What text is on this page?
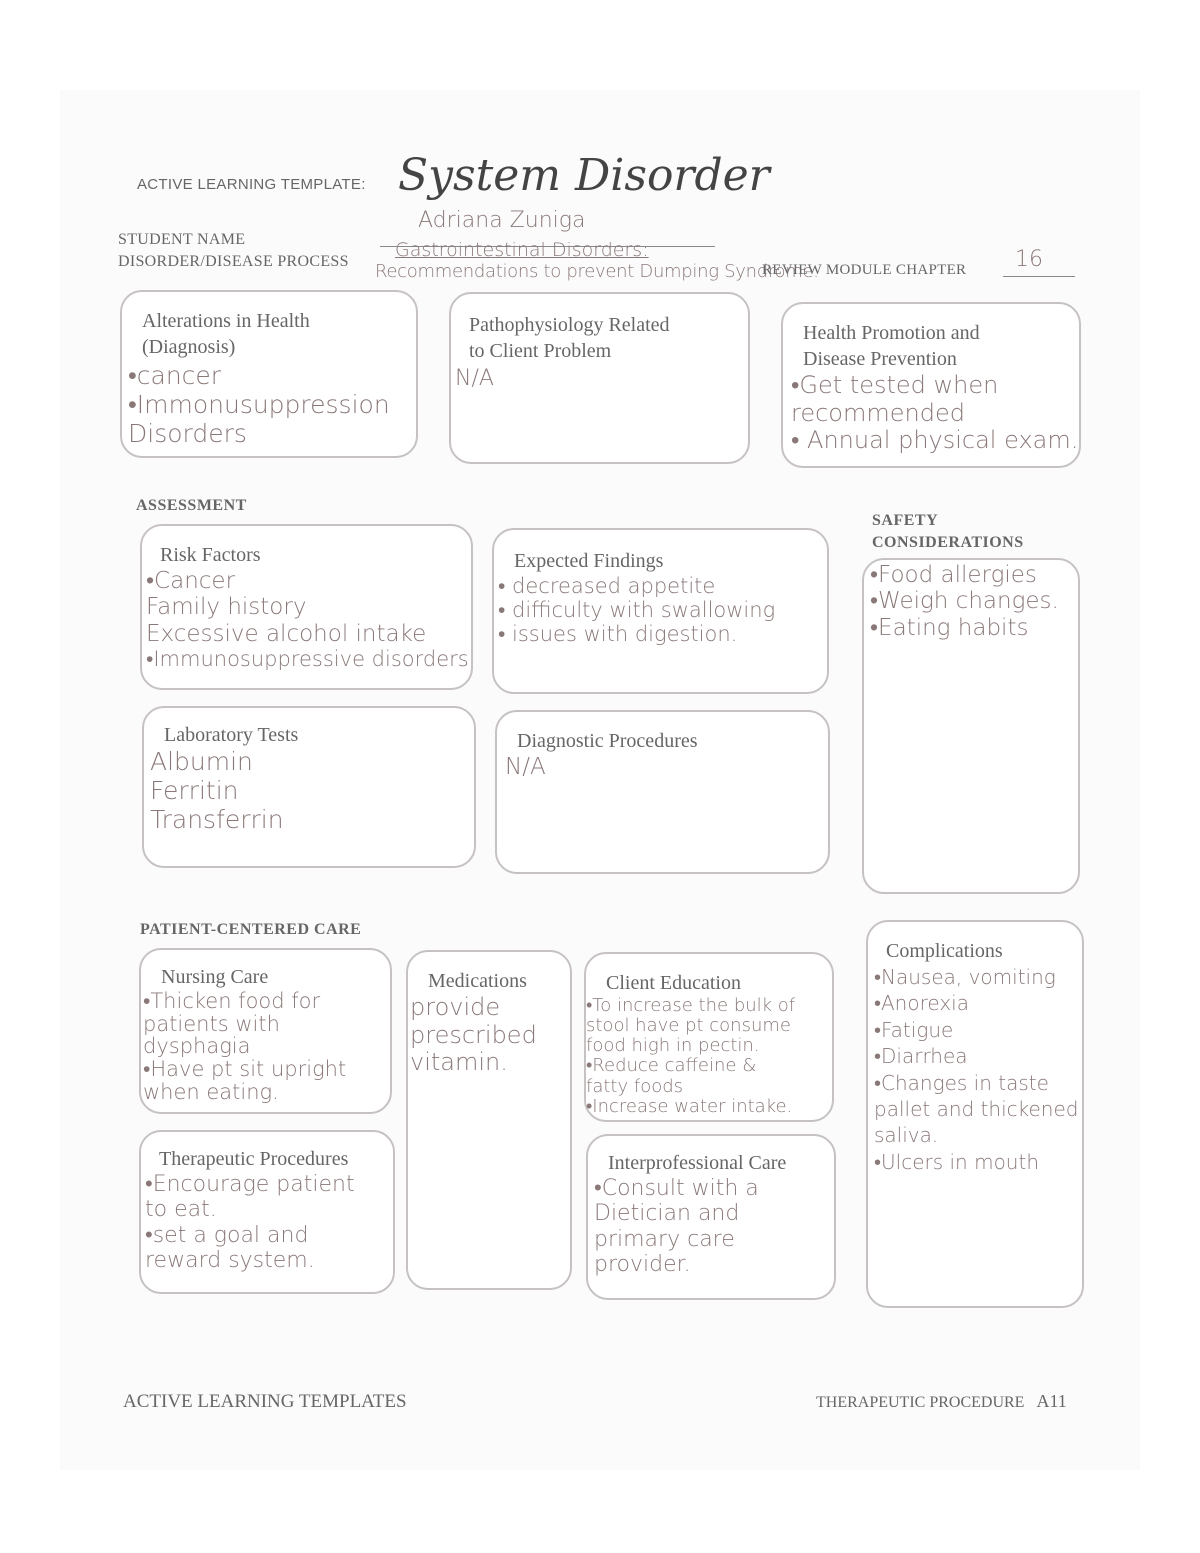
ACTIVE LEARNING TEMPLATE: System Disorder
STUDENT NAME
Adriana Zuniga
DISORDER/DISEASE PROCESS
Gastrointestinal Disorders:
Recommendations to prevent Dumping Syndrome.
REVIEW MODULE CHAPTER 16
Alterations in Health
(Diagnosis)
•cancer
•Immonusuppression
Disorders
Pathophysiology Related
to Client Problem
N/A
Health Promotion and
Disease Prevention
•Get tested when
recommended
• Annual physical exam.
ASSESSMENT
Risk Factors
•Cancer
Family history
Excessive alcohol intake
•Immunosuppressive disorders
Expected Findings
• decreased appetite
• difficulty with swallowing
• issues with digestion.
Laboratory Tests
Albumin
Ferritin
Transferrin
Diagnostic Procedures
N/A
SAFETY
CONSIDERATIONS
•Food allergies
•Weigh changes.
•Eating habits
PATIENT-CENTERED CARE
Nursing Care
•Thicken food for
patients with
dysphagia
•Have pt sit upright
when eating.
Medications
provide
prescribed
vitamin.
Client Education
•To increase the bulk of
stool have pt consume
food high in pectin.
•Reduce caffeine &
fatty foods
•Increase water intake.
Therapeutic Procedures
•Encourage patient
to eat.
•set a goal and
reward system.
Interprofessional Care
•Consult with a
Dietician and
primary care
provider.
Complications
•Nausea, vomiting
•Anorexia
•Fatigue
•Diarrhea
•Changes in taste
pallet and thickened
saliva.
•Ulcers in mouth
ACTIVE LEARNING TEMPLATES	THERAPEUTIC PROCEDURE A11
